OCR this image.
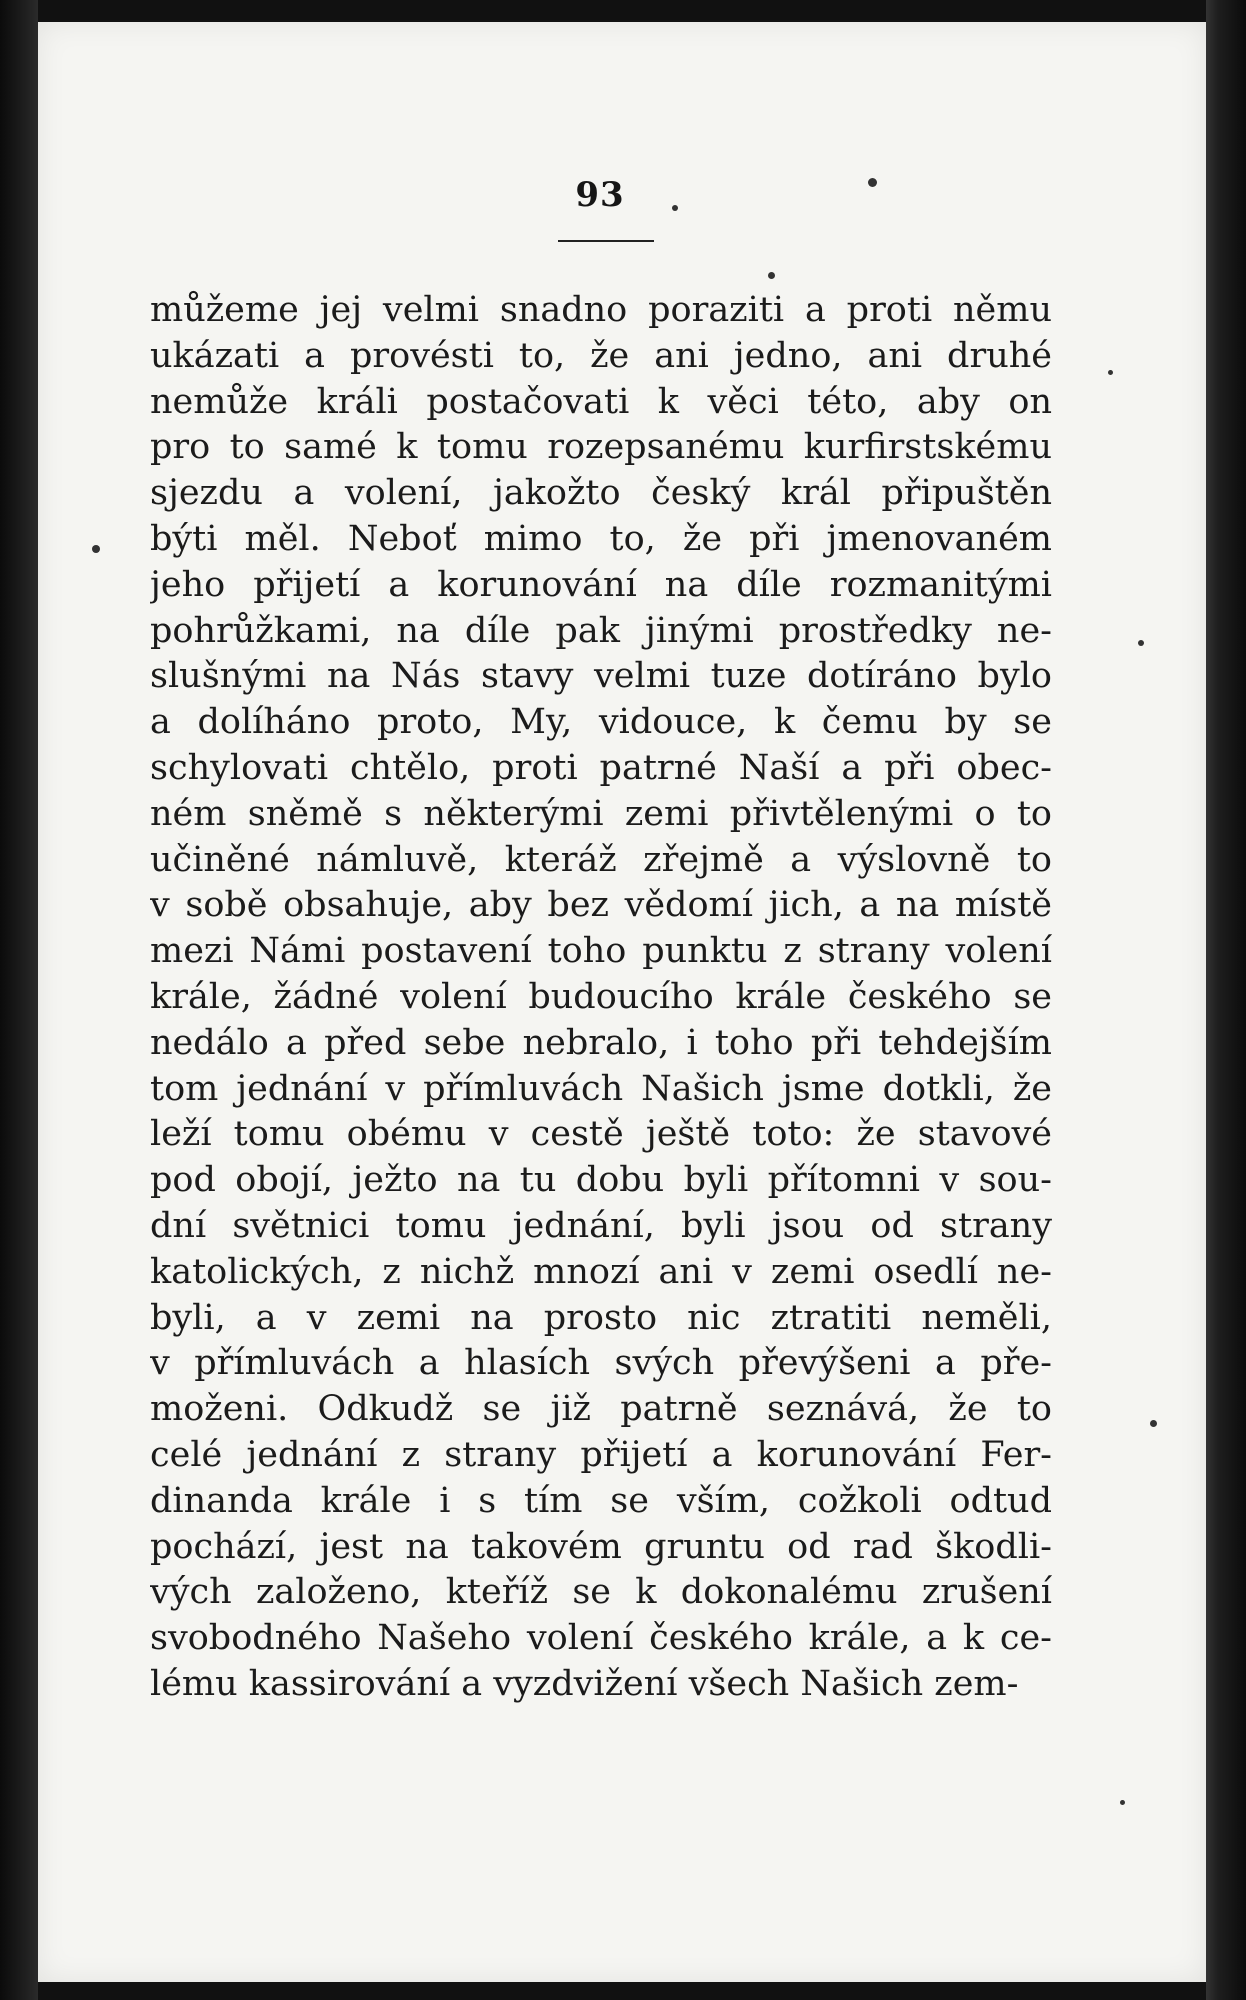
93
můžeme jej velmi snadno poraziti a proti němu
ukázati a provésti to, že ani jedno, ani druhé
nemůže králi postačovati k věci této, aby on
pro to samé k tomu rozepsanému kurfirstskému
sjezdu a volení, jakožto český král připuštěn
býti měl. Neboť mimo to, že při jmenovaném
jeho přijetí a korunování na díle rozmanitými
pohrůžkami, na díle pak jinými prostředky ne-
slušnými na Nás stavy velmi tuze dotíráno bylo
a dolíháno proto, My, vidouce, k čemu by se
schylovati chtělo, proti patrné Naší a při obec-
ném sněmě s některými zemi přivtělenými o to
učiněné námluvě, kteráž zřejmě a výslovně to
v sobě obsahuje, aby bez vědomí jich, a na místě
mezi Námi postavení toho punktu z strany volení
krále, žádné volení budoucího krále českého se
nedálo a před sebe nebralo, i toho při tehdejším
tom jednání v přímluvách Našich jsme dotkli, že
leží tomu obému v cestě ještě toto: že stavové
pod obojí, ježto na tu dobu byli přítomni v sou-
dní světnici tomu jednání, byli jsou od strany
katolických, z nichž mnozí ani v zemi osedlí ne-
byli, a v zemi na prosto nic ztratiti neměli,
v přímluvách a hlasích svých převýšeni a pře-
moženi. Odkudž se již patrně seznává, že to
celé jednání z strany přijetí a korunování Fer-
dinanda krále i s tím se vším, cožkoli odtud
pochází, jest na takovém gruntu od rad škodli-
vých založeno, kteříž se k dokonalému zrušení
svobodného Našeho volení českého krále, a k ce-
lému kassirování a vyzdvižení všech Našich zem-
